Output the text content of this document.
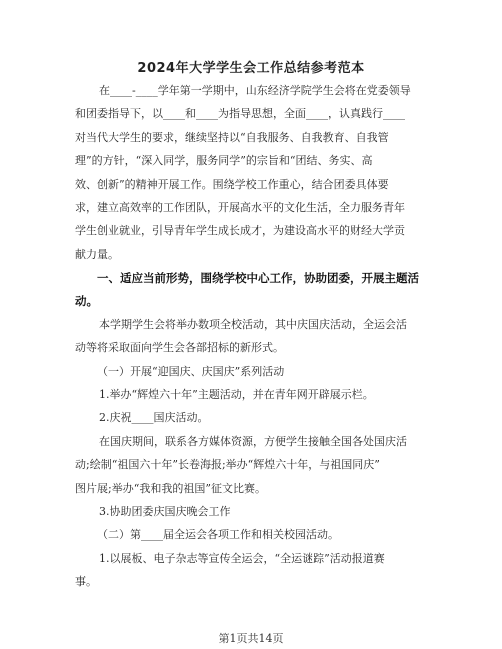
2024年大学学生会工作总结参考范本
在____-____学年第一学期中，山东经济学院学生会将在党委领导
和团委指导下，以____和____为指导思想，全面____，认真践行____
对当代大学生的要求，继续坚持以“自我服务、自我教育、自我管
理”的方针，“深入同学，服务同学”的宗旨和“团结、务实、高
效、创新”的精神开展工作。围绕学校工作重心，结合团委具体要
求，建立高效率的工作团队，开展高水平的文化生活，全力服务青年
学生创业就业，引导青年学生成长成才，为建设高水平的财经大学贡
献力量。
一、适应当前形势，围绕学校中心工作，协助团委，开展主题活
动。
本学期学生会将举办数项全校活动，其中庆国庆活动，全运会活
动等将采取面向学生会各部招标的新形式。
（一）开展“迎国庆、庆国庆”系列活动
1.举办“辉煌六十年”主题活动，并在青年网开辟展示栏。
2.庆祝____国庆活动。
在国庆期间，联系各方媒体资源，方便学生接触全国各处国庆活
动;绘制“祖国六十年”长卷海报;举办“辉煌六十年，与祖国同庆”
图片展;举办“我和我的祖国”征文比赛。
3.协助团委庆国庆晚会工作
（二）第____届全运会各项工作和相关校园活动。
1.以展板、电子杂志等宣传全运会，“全运谜踪”活动报道赛
事。
第1页共14页
